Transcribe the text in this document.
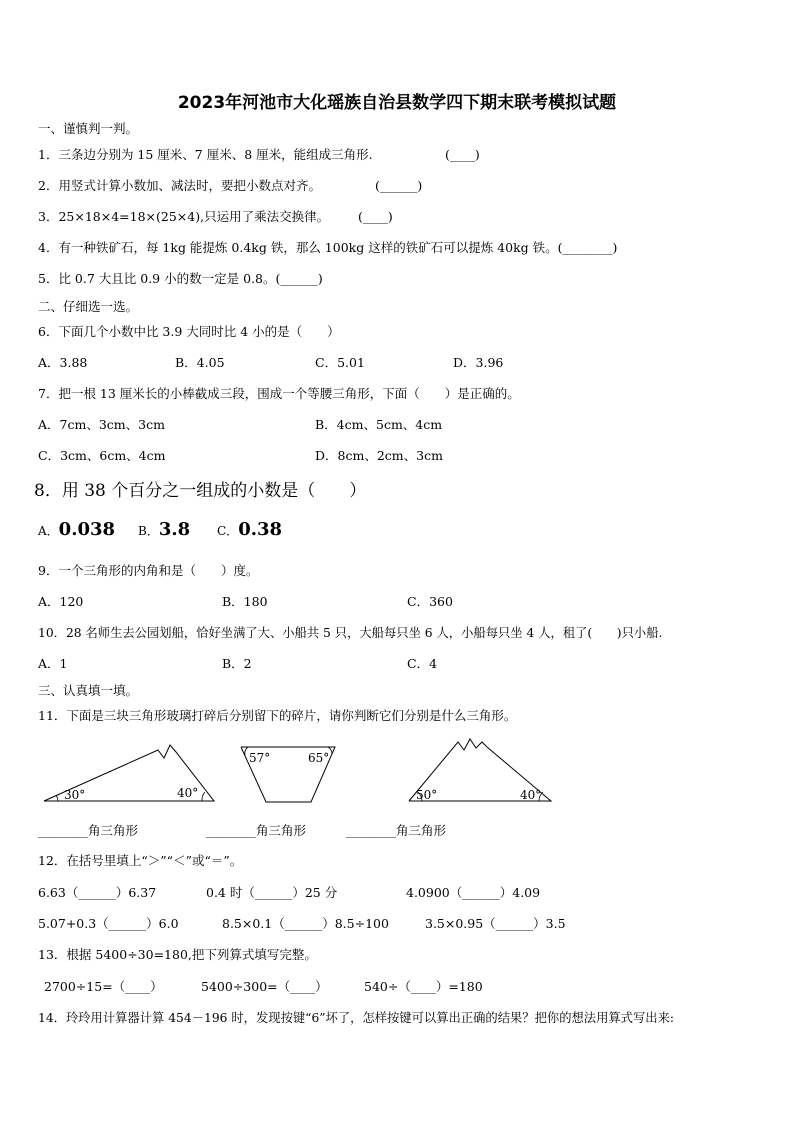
2023年河池市大化瑶族自治县数学四下期末联考模拟试题
一、谨慎判一判。
1．三条边分别为 15 厘米、7 厘米、8 厘米，能组成三角形.	(____)
2．用竖式计算小数加、减法时，要把小数点对齐。	(______)
3．25×18×4=18×(25×4),只运用了乘法交换律。 (____)
4．有一种铁矿石，每 1kg 能提炼 0.4kg 铁，那么 100kg 这样的铁矿石可以提炼 40kg 铁。(________)
5．比 0.7 大且比 0.9 小的数一定是 0.8。(______)
二、仔细选一选。
6．下面几个小数中比 3.9 大同时比 4 小的是（　　）
A．3.88	B．4.05	C．5.01	D．3.96
7．把一根 13 厘米长的小棒截成三段，围成一个等腰三角形，下面（　　）是正确的。
A．7cm、3cm、3cm	B．4cm、5cm、4cm
C．3cm、6cm、4cm	D．8cm、2cm、3cm
8．用 38 个百分之一组成的小数是（　　）
A．0.038 B．3.8 C．0.38
9．一个三角形的内角和是（　　）度。
A．120	B．180	C．360
10．28 名师生去公园划船，恰好坐满了大、小船共 5 只，大船每只坐 6 人，小船每只坐 4 人，租了(　　)只小船.
A．1	B．2	C．4
三、认真填一填。
11．下面是三块三角形玻璃打碎后分别留下的碎片，请你判断它们分别是什么三角形。
30°	40°
57°	65°
50°	40°
________角三角形	________角三角形	________角三角形
12．在括号里填上“＞”“＜”或“＝”。
6.63（______）6.37	0.4 时（______）25 分	4.0900（______）4.09
5.07+0.3（______）6.0	8.5×0.1（______）8.5÷100	3.5×0.95（______）3.5
13．根据 5400÷30=180,把下列算式填写完整。
2700÷15=（____）	5400÷300=（____）	540÷（____）=180
14．玲玲用计算器计算 454－196 时，发现按键“6”坏了，怎样按键可以算出正确的结果？把你的想法用算式写出来:
